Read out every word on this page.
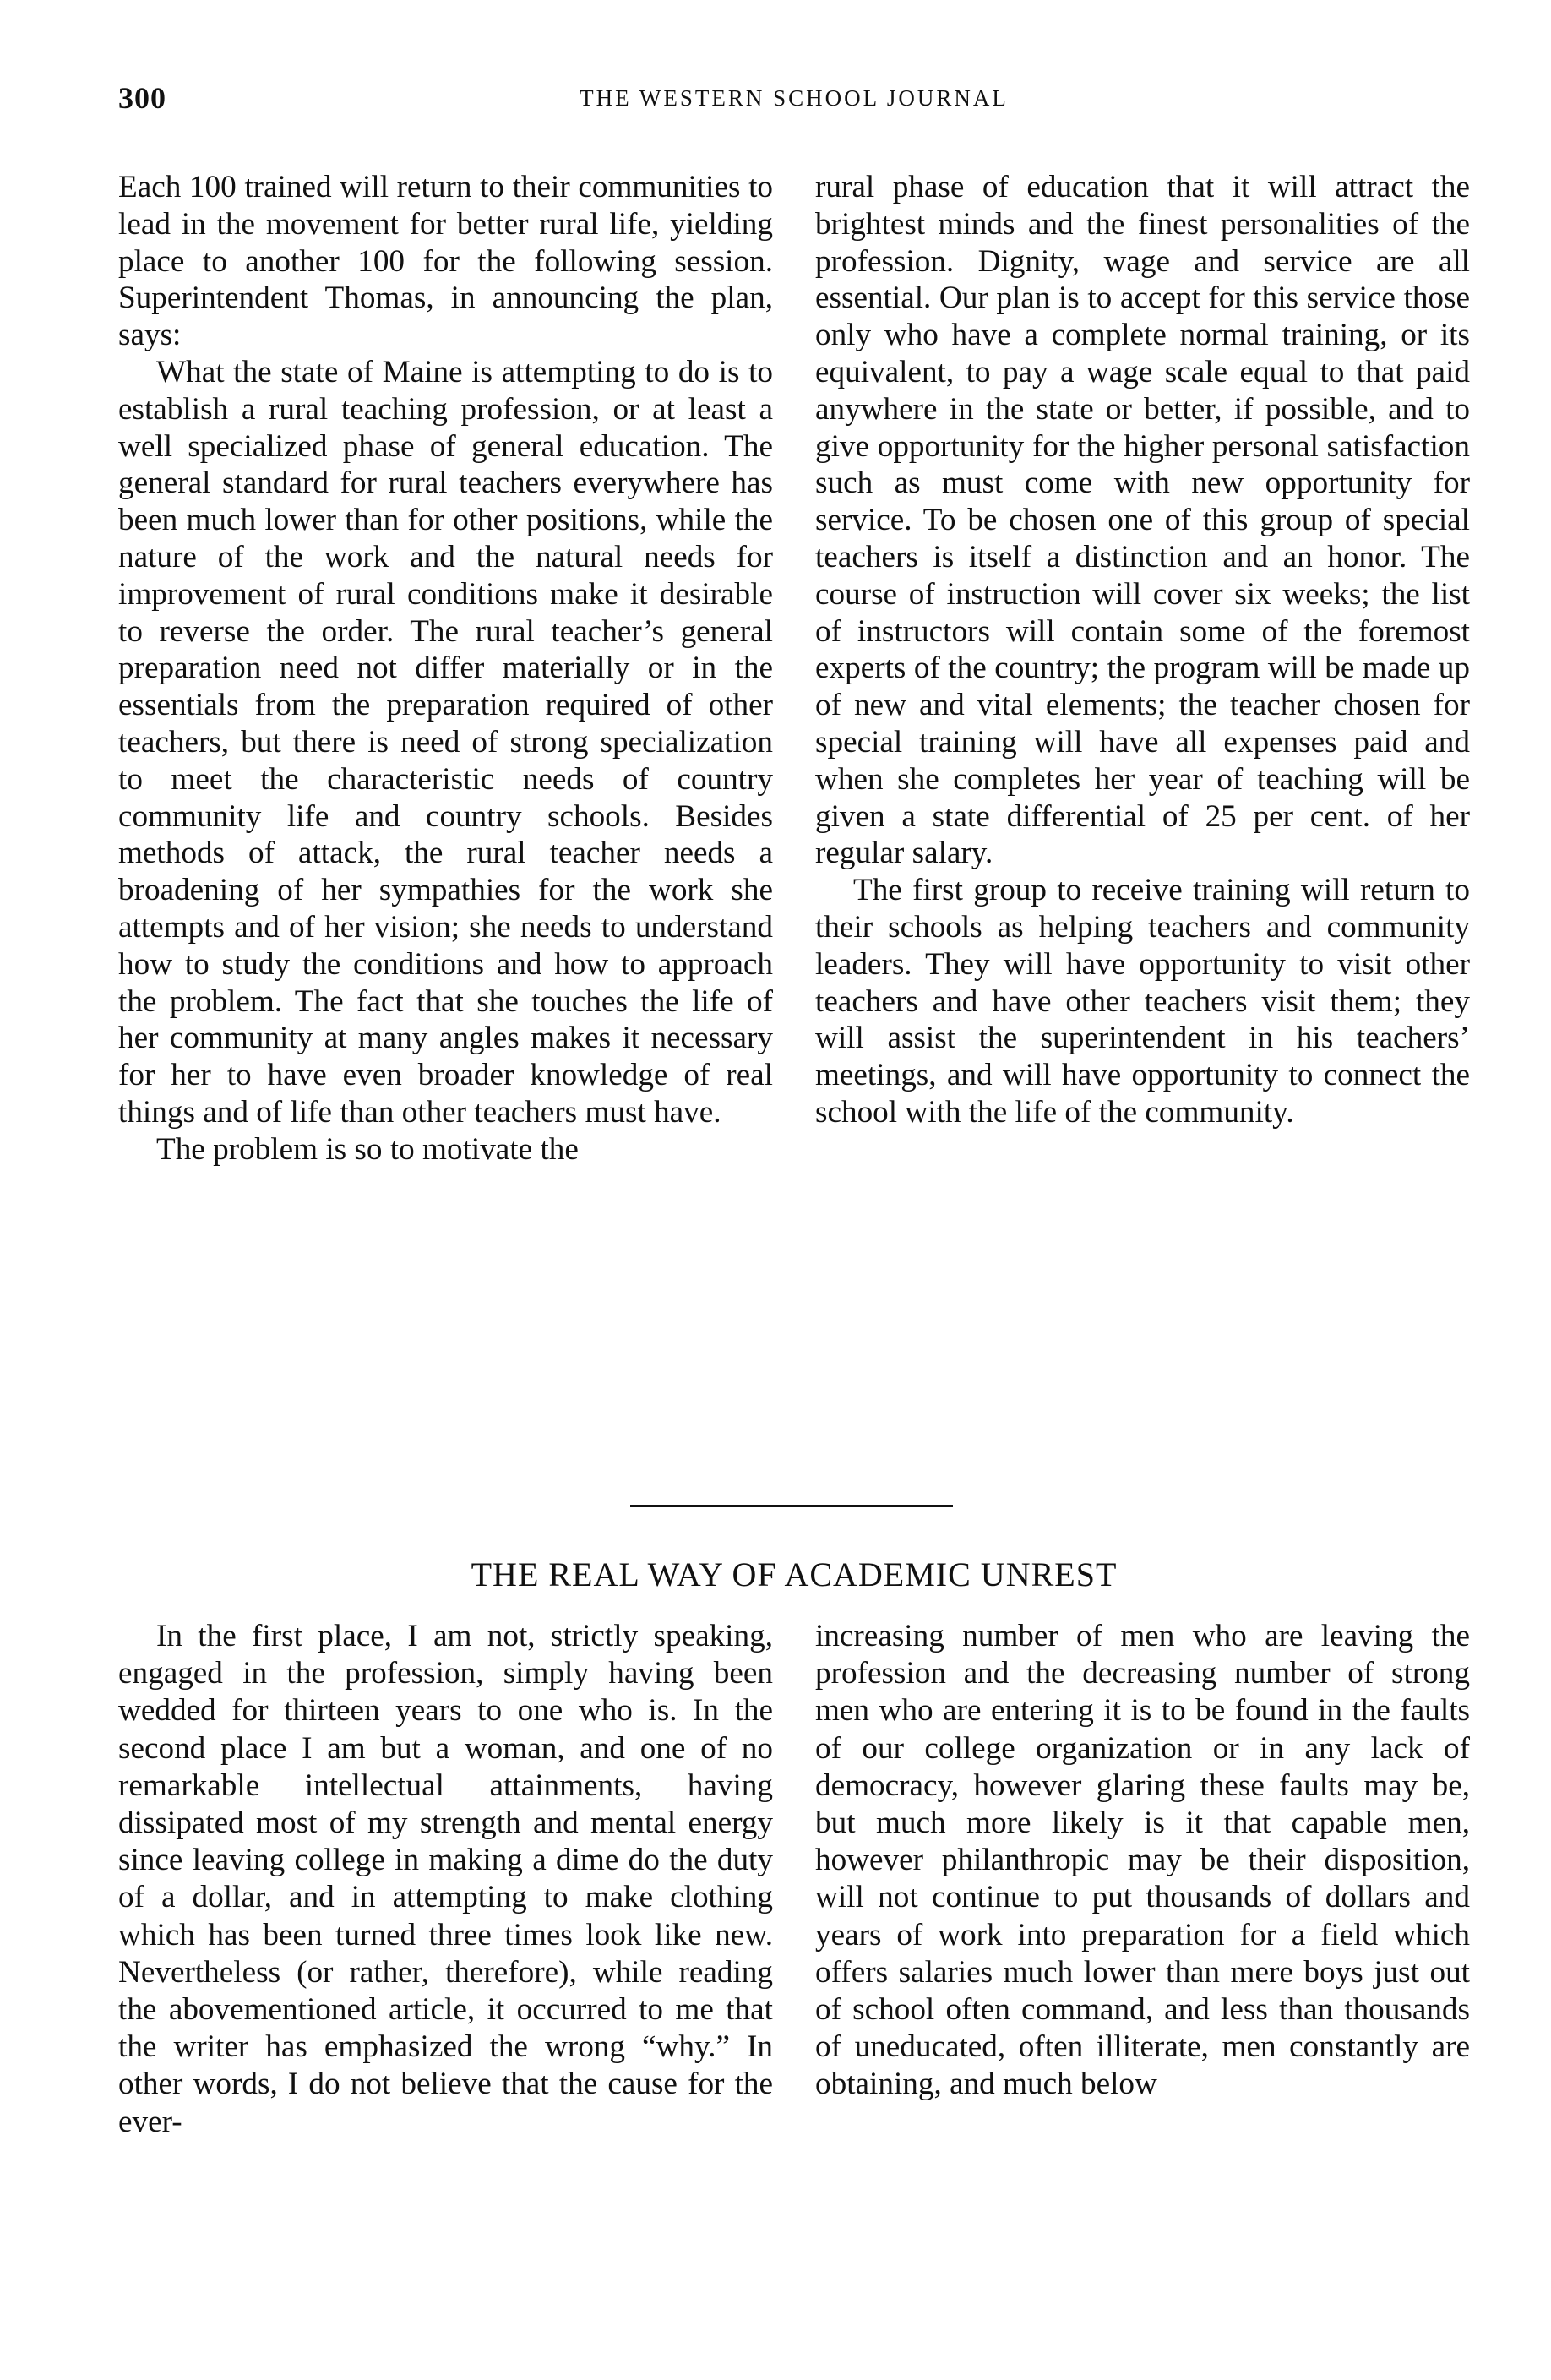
300	THE WESTERN SCHOOL JOURNAL

Each 100 trained will return to their communities to lead in the movement for better rural life, yielding place to another 100 for the following session. Superintendent Thomas, in announcing the plan, says:

What the state of Maine is attempting to do is to establish a rural teaching profession, or at least a well specialized phase of general education. The general standard for rural teachers everywhere has been much lower than for other positions, while the nature of the work and the natural needs for improvement of rural conditions make it desirable to reverse the order. The rural teacher’s general preparation need not differ materially or in the essentials from the preparation required of other teachers, but there is need of strong specialization to meet the characteristic needs of country community life and country schools. Besides methods of attack, the rural teacher needs a broadening of her sympathies for the work she attempts and of her vision; she needs to understand how to study the conditions and how to approach the problem. The fact that she touches the life of her community at many angles makes it necessary for her to have even broader knowledge of real things and of life than other teachers must have.

The problem is so to motivate the

rural phase of education that it will attract the brightest minds and the finest personalities of the profession. Dignity, wage and service are all essential. Our plan is to accept for this service those only who have a complete normal training, or its equivalent, to pay a wage scale equal to that paid anywhere in the state or better, if possible, and to give opportunity for the higher personal satisfaction such as must come with new opportunity for service. To be chosen one of this group of special teachers is itself a distinction and an honor. The course of instruction will cover six weeks; the list of instructors will contain some of the foremost experts of the country; the program will be made up of new and vital elements; the teacher chosen for special training will have all expenses paid and when she completes her year of teaching will be given a state differential of 25 per cent. of her regular salary.

The first group to receive training will return to their schools as helping teachers and community leaders. They will have opportunity to visit other teachers and have other teachers visit them; they will assist the superintendent in his teachers’ meetings, and will have opportunity to connect the school with the life of the community.

THE REAL WAY OF ACADEMIC UNREST

In the first place, I am not, strictly speaking, engaged in the profession, simply having been wedded for thirteen years to one who is. In the second place I am but a woman, and one of no remarkable intellectual attainments, having dissipated most of my strength and mental energy since leaving college in making a dime do the duty of a dollar, and in attempting to make clothing which has been turned three times look like new. Nevertheless (or rather, therefore), while reading the abovementioned article, it occurred to me that the writer has emphasized the wrong “why.” In other words, I do not believe that the cause for the ever-

increasing number of men who are leaving the profession and the decreasing number of strong men who are entering it is to be found in the faults of our college organization or in any lack of democracy, however glaring these faults may be, but much more likely is it that capable men, however philanthropic may be their disposition, will not continue to put thousands of dollars and years of work into preparation for a field which offers salaries much lower than mere boys just out of school often command, and less than thousands of uneducated, often illiterate, men constantly are obtaining, and much below
